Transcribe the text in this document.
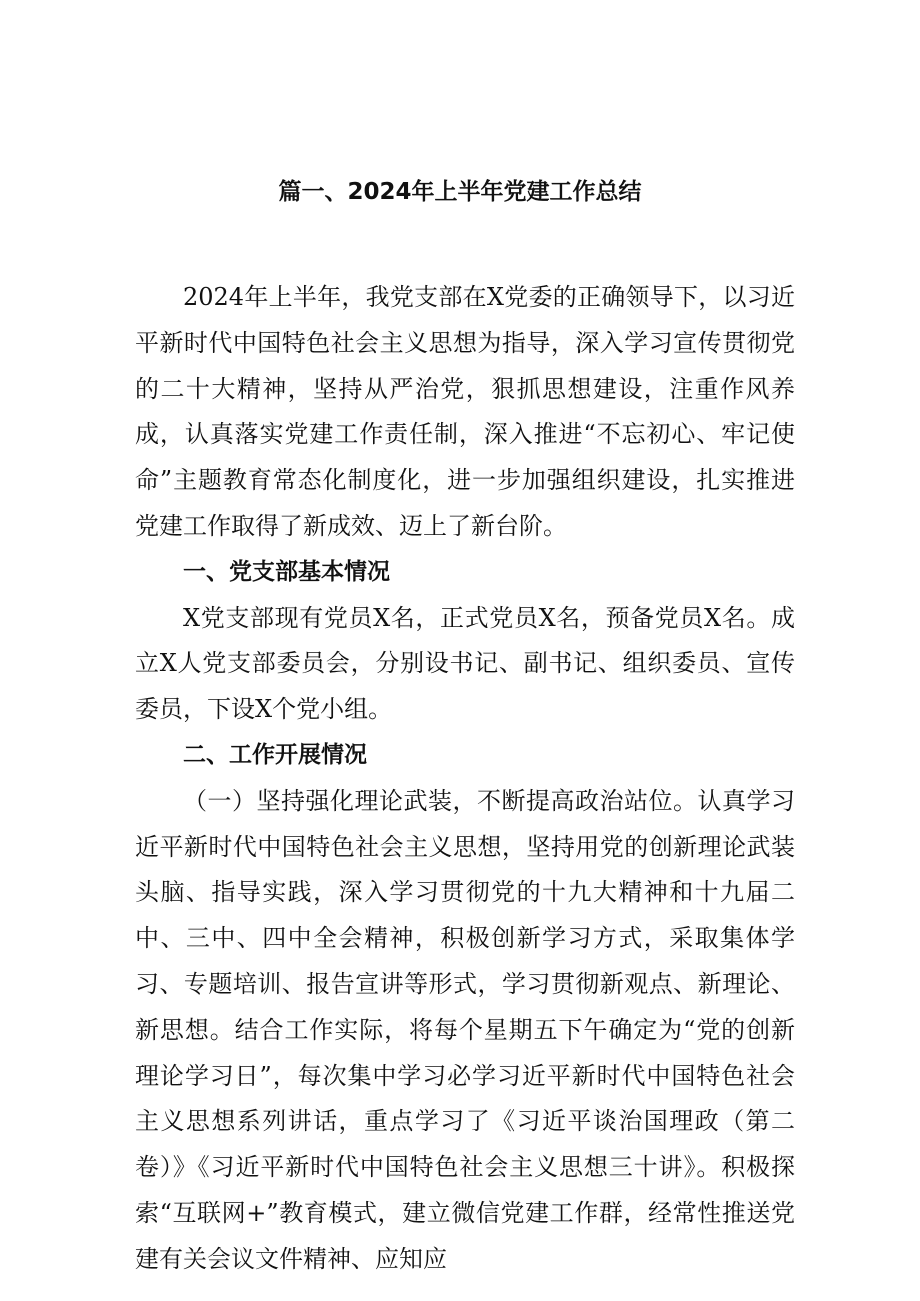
篇一、2024年上半年党建工作总结

2024年上半年，我党支部在X党委的正确领导下，以习近平新时代中国特色社会主义思想为指导，深入学习宣传贯彻党的二十大精神，坚持从严治党，狠抓思想建设，注重作风养成，认真落实党建工作责任制，深入推进“不忘初心、牢记使命”主题教育常态化制度化，进一步加强组织建设，扎实推进党建工作取得了新成效、迈上了新台阶。

一、党支部基本情况

X党支部现有党员X名，正式党员X名，预备党员X名。成立X人党支部委员会，分别设书记、副书记、组织委员、宣传委员，下设X个党小组。

二、工作开展情况

（一）坚持强化理论武装，不断提高政治站位。认真学习近平新时代中国特色社会主义思想，坚持用党的创新理论武装头脑、指导实践，深入学习贯彻党的十九大精神和十九届二中、三中、四中全会精神，积极创新学习方式，采取集体学习、专题培训、报告宣讲等形式，学习贯彻新观点、新理论、新思想。结合工作实际，将每个星期五下午确定为“党的创新理论学习日”，每次集中学习必学习近平新时代中国特色社会主义思想系列讲话，重点学习了《习近平谈治国理政（第二卷）》《习近平新时代中国特色社会主义思想三十讲》。积极探索“互联网+”教育模式，建立微信党建工作群，经常性推送党建有关会议文件精神、应知应
